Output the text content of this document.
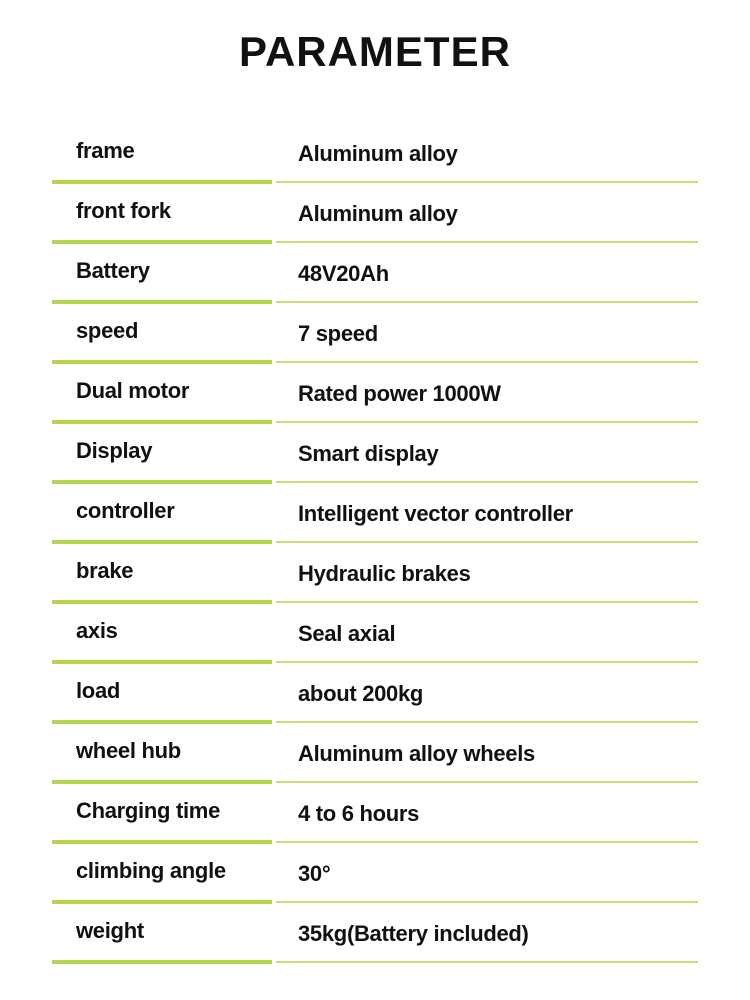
PARAMETER
frame	Aluminum alloy
front fork	Aluminum alloy
Battery	48V20Ah
speed	7 speed
Dual motor	Rated power 1000W
Display	Smart display
controller	Intelligent vector controller
brake	Hydraulic brakes
axis	Seal axial
load	about 200kg
wheel hub	Aluminum alloy wheels
Charging time	4 to 6 hours
climbing angle	30°
weight	35kg(Battery included)
